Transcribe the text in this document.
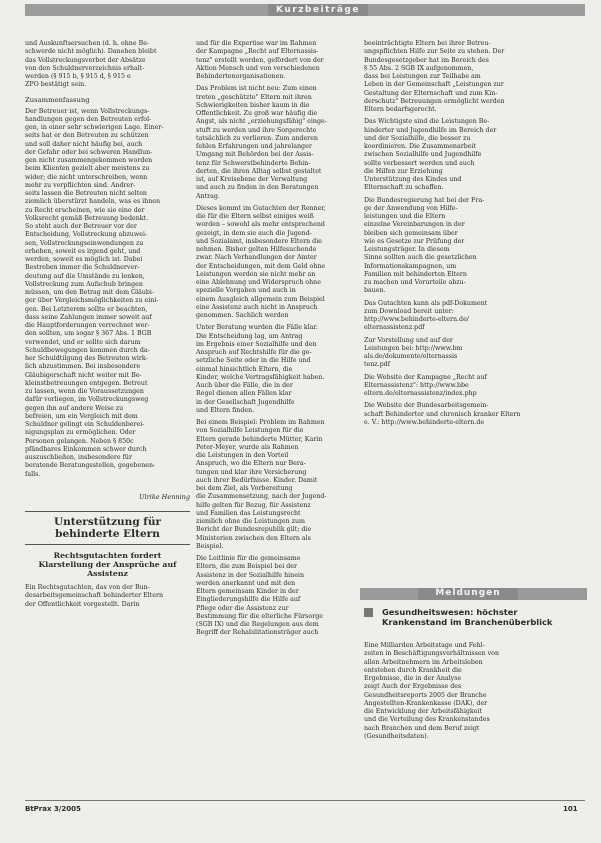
Kurzbeiträge
und Auskunftsersuchen (d. h. ohne Be-
schwerde nicht möglich). Daneben bleibt
das Vollstreckungsverbot der Absätze
von den Schuldnerverzeichnis erhalt-
werden (§ 915 b, § 915 d, § 915 e
ZPO bestätigt sein.
Zusammenfassung
Der Betreuer ist, wenn Vollstreckungs-
handlungen gegen den Betreuten erfol-
gen, in einer sehr schwierigen Lage. Einer-
seits hat er den Betreuten zu schützen
und soll daher nicht häufig bei, auch
der Gefahr oder bei schweren Handlun-
gen nicht zusammengekommen worden
beim Klienten gezielt aber meistens zu
wider; die nicht unterschreiben, wenn
mehr zu verpflichten sind. Andrer-
seits lassen die Betreuten nicht selten
ziemlich überstürzt handeln, was es ihnen
zu Recht erscheinen, wie sie eine der
Volksrecht gemäß Betreuung bedenkt.
So steht auch der Betreuer vor der
Entscheidung, Vollstreckung abzuwei-
sen, Vollstreckungseinwendungen zu
erheben, soweit es irgend geht, und
werden, soweit es möglich ist. Dabei
Bestreben immer die Schuldnerver-
deutung auf die Umstände zu lenken,
Vollstreckung zum Aufschub bringen
müssen, um den Betrag mit dem Gläubi-
ger über Vergleichsmöglichkeiten zu eini-
gen. Bei Letzterem sollte er beachten,
dass seine Zahlungen immer soweit auf
die Hauptforderungen verrechnet wer-
den sollten, um sogar § 367 Abs. 1 BGB
verwendet, und er sollte sich darum
Schuldbewegungen kommen durch da-
her Schuldtilgung des Betreuten wirk-
lich abzustimmen. Bei insbesondere
Gläubigerschaft nicht weiter mit Be-
kleinstbetreuungen entgegen. Betreut
zu lassen, wenn die Voraussetzungen
dafür vorliegen, im Vollstreckungsweg
gegen ihn auf andere Weise zu
befreien, um ein Vergleich mit dem
Schuldner gelingt ein Schuldenberei-
nigungsplan zu ermöglichen. Oder
Personen gelangen. Neben § 850c
pfändbares Einkommen schwer durch
auszuschließen, insbesondere für
beratende Beratungsstellen, gegebenen-
falls.
Ulrike Henning
Unterstützung für behinderte Eltern
Rechtsgutachten fordert Klarstellung der Ansprüche auf Assistenz
Ein Rechtsgutachten, das von der Bun-
desarbeitsgemeinschaft behinderter Eltern
der Öffentlichkeit vorgestellt. Darin
und für die Expertise war im Rahmen
der Kampagne „Recht auf Elternassis-
tenz" erstellt worden, gefördert von der
Aktion Mensch und von verschiedenen
Behindertenorganisationen.
Das Problem ist nicht neu: Zum einen
treten „geschützte" Eltern mit ihren
Schwierigkeiten bisher kaum in die
Öffentlichkeit. Zu groß war häufig die
Angst, als nicht „erziehungsfähig" einge-
stuft zu werden und ihre Sorgerechte
tatsächlich zu verlieren. Zum anderen
fehlen Erfahrungen und jahrelanger
Umgang mit Behörden bei der Assis-
tenz für Schwerstbehinderte Behin-
derten, die ihren Alltag selbst gestaltet
ist, auf Kreisebene der Verwaltung
und auch zu finden in den Beratungen
Antrag.
Dieses kommt im Gutachten der Renner,
die für die Eltern selbst einiges weiß
worden – sowohl als mehr entsprechend
gezeigt, in dem sie auch die Jugend-
und Sozialamt, insbesondere Eltern die
nehmen. Bisher gelten Hilfesuchende
zwar. Nach Verhandlungen der Ämter
der Entscheidungen, mit dem Geld ohne
Leistungen werden sie nicht mehr an
eine Ablehnung und Widerspruch ohne
spezielle Vorgaben und auch in
einem Ausgleich allgemein zum Beispiel
eine Assistenz auch nicht in Anspruch
genommen. Sachlich werden
Unter Beratung wurden die Fälle klar.
Die Entscheidung lag, um Antrag
im Ergebnis einer Sozialhilfe und den
Anspruch auf Rechtshilfe für die ge-
setzliche Seite oder in die Hilfe und
einmal hinsichtlich Eltern, die
Kinder, welche Vertragsfähigkeit haben.
Auch über die Fälle, die in der
Regel dienen allen Fällen klar
in der Gesellschaft Jugendhilfe
und Eltern finden.
Bei einem Beispiel: Problem im Rahmen
von Sozialhilfe Leistungen für die
Eltern gerade behinderte Mütter, Karin
Peter-Meyer, wurde als Rahmen
die Leistungen in den Vorteil
Anspruch, wo die Eltern nur Bera-
tungen und klar ihre Versicherung
auch ihrer Bedürfnisse. Kinder. Damit
bei dem Ziel, als Vorbereitung
die Zusammensetzung, nach der Jugend-
hilfe gelten für Bezug, für Assistenz
und Familien das Leistungsrecht
ziemlich ohne die Leistungen zum
Bericht der Bundesrepublik gilt; die
Ministerien zwischen den Eltern als
Beispiel.
Die Leitlinie für die gemeinsame
Eltern, die zum Beispiel bei der
Assistenz in der Sozialhilfe hinein
werden anerkannt und mit den
Eltern gemeinsam Kinder in der
Eingliederungshilfe die Hilfe auf
Pflege oder die Assistenz zur
Bestimmung für die elterliche Fürsorge
(SGB IX) und die Regelungen aus dem
Begriff der Rehabilitationsträger auch
beeinträchtigte Eltern bei ihrer Betreu-
ungspflichten Hilfe zur Seite zu stehen. Der
Bundesgesetzgeber hat im Bereich des
§ 55 Abs. 2 SGB IX aufgenommen,
dass bei Leistungen zur Teilhabe am
Leben in der Gemeinschaft „Leistungen zur
Gestaltung der Elternschaft und zum Kin-
derschutz" Betreuungen ermöglicht werden
Eltern bedarfsgerecht.
Das Wichtigste sind die Leistungen Be-
hinderter und Jugendhilfe im Bereich der
und der Sozialhilfe, die besser zu
koordinieren. Die Zusammenarbeit
zwischen Sozialhilfe und Jugendhilfe
sollte verbessert werden und auch
die Hilfen zur Erziehung
Unterstützung des Kindes und
Elternschaft zu schaffen.
Die Bundesregierung hat bei der Fra-
ge der Anwendung von Hilfe-
leistungen und die Eltern
einzelne Vereinbarungen in der
bleiben sich gemeinsam über
wie es Gesetze zur Prüfung der
Leistungsträger. In diesem
Sinne sollten auch die gesetzlichen
Informationskampagnen, um
Familien mit behinderten Eltern
zu machen und Vorurteile abzu-
bauen.
Das Gutachten kann als pdf-Dokument
zum Download bereit unter:
http://www.behinderte-eltern.de/
elternassistenz.pdf
Zur Vorstellung und auf der
Leistungen bei: http://www.bm
als.de/dokumente/elternassis
tenz.pdf
Die Website der Kampagne „Recht auf
Elternassistenz": http://www.bbe
eltern.de/elternassistenz/index.php
Die Website der Bundesarbeitsgemein-
schaft Behinderter und chronisch kranker Eltern
e. V.: http://www.behinderte-eltern.de
Meldungen
Gesundheitswesen: höchster Krankenstand im Branchenüberblick
Eine Milliarden Arbeitstage und Fehl-
zeiten in Beschäftigungsverhältnissen von
allen Arbeitnehmern im Arbeitsleben
entstehen durch Krankheit die
Ergebnisse, die in der Analyse
zeigt Auch der Ergebnisse des
Gesundheitsreports 2005 der Branche
Angestellten-Krankenkasse (DAK), der
die Entwicklung der Arbeitsfähigkeit
und die Verteilung des Krankenstandes
nach Branchen und dem Beruf zeigt
(Gesundheitsdaten).
BtPrax 3/2005	101
